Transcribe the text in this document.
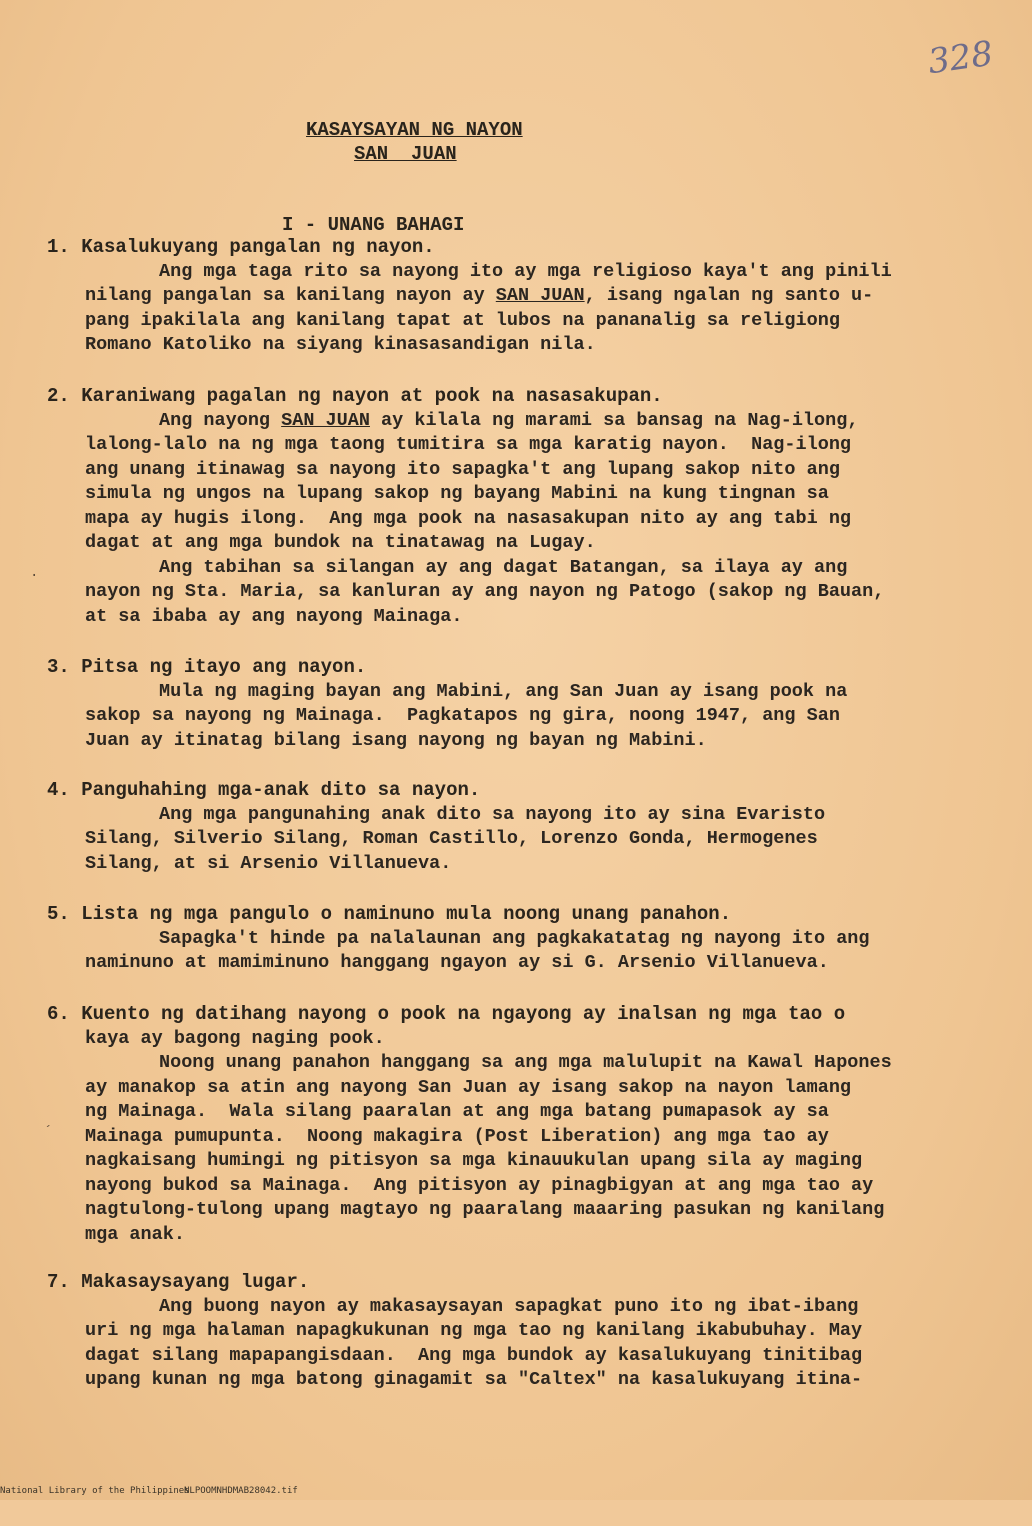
328
KASAYSAYAN NG NAYON
SAN  JUAN
I - UNANG BAHAGI
1. Kasalukuyang pangalan ng nayon.
Ang mga taga rito sa nayong ito ay mga religioso kaya't ang pinili
nilang pangalan sa kanilang nayon ay SAN JUAN, isang ngalan ng santo u-
pang ipakilala ang kanilang tapat at lubos na pananalig sa religiong
Romano Katoliko na siyang kinasasandigan nila.
2. Karaniwang pagalan ng nayon at pook na nasasakupan.
Ang nayong SAN JUAN ay kilala ng marami sa bansag na Nag-ilong,
lalong-lalo na ng mga taong tumitira sa mga karatig nayon.  Nag-ilong
ang unang itinawag sa nayong ito sapagka't ang lupang sakop nito ang
simula ng ungos na lupang sakop ng bayang Mabini na kung tingnan sa
mapa ay hugis ilong.  Ang mga pook na nasasakupan nito ay ang tabi ng
dagat at ang mga bundok na tinatawag na Lugay.
Ang tabihan sa silangan ay ang dagat Batangan, sa ilaya ay ang
nayon ng Sta. Maria, sa kanluran ay ang nayon ng Patogo (sakop ng Bauan,
at sa ibaba ay ang nayong Mainaga.
3. Pitsa ng itayo ang nayon.
Mula ng maging bayan ang Mabini, ang San Juan ay isang pook na
sakop sa nayong ng Mainaga.  Pagkatapos ng gira, noong 1947, ang San
Juan ay itinatag bilang isang nayong ng bayan ng Mabini.
4. Panguhahing mga-anak dito sa nayon.
Ang mga pangunahing anak dito sa nayong ito ay sina Evaristo
Silang, Silverio Silang, Roman Castillo, Lorenzo Gonda, Hermogenes
Silang, at si Arsenio Villanueva.
5. Lista ng mga pangulo o naminuno mula noong unang panahon.
Sapagka't hinde pa nalalaunan ang pagkakatatag ng nayong ito ang
naminuno at mamiminuno hanggang ngayon ay si G. Arsenio Villanueva.
6. Kuento ng datihang nayong o pook na ngayong ay inalsan ng mga tao o
kaya ay bagong naging pook.
Noong unang panahon hanggang sa ang mga malulupit na Kawal Hapones
ay manakop sa atin ang nayong San Juan ay isang sakop na nayon lamang
ng Mainaga.  Wala silang paaralan at ang mga batang pumapasok ay sa
Mainaga pumupunta.  Noong makagira (Post Liberation) ang mga tao ay
nagkaisang humingi ng pitisyon sa mga kinauukulan upang sila ay maging
nayong bukod sa Mainaga.  Ang pitisyon ay pinagbigyan at ang mga tao ay
nagtulong-tulong upang magtayo ng paaralang maaaring pasukan ng kanilang
mga anak.
7. Makasaysayang lugar.
Ang buong nayon ay makasaysayan sapagkat puno ito ng ibat-ibang
uri ng mga halaman napagkukunan ng mga tao ng kanilang ikabubuhay. May
dagat silang mapapangisdaan.  Ang mga bundok ay kasalukuyang tinitibag
upang kunan ng mga batong ginagamit sa "Caltex" na kasalukuyang itina-
·
´

National Library of the Philippines

NLPOOMNHDMAB28042.tif
